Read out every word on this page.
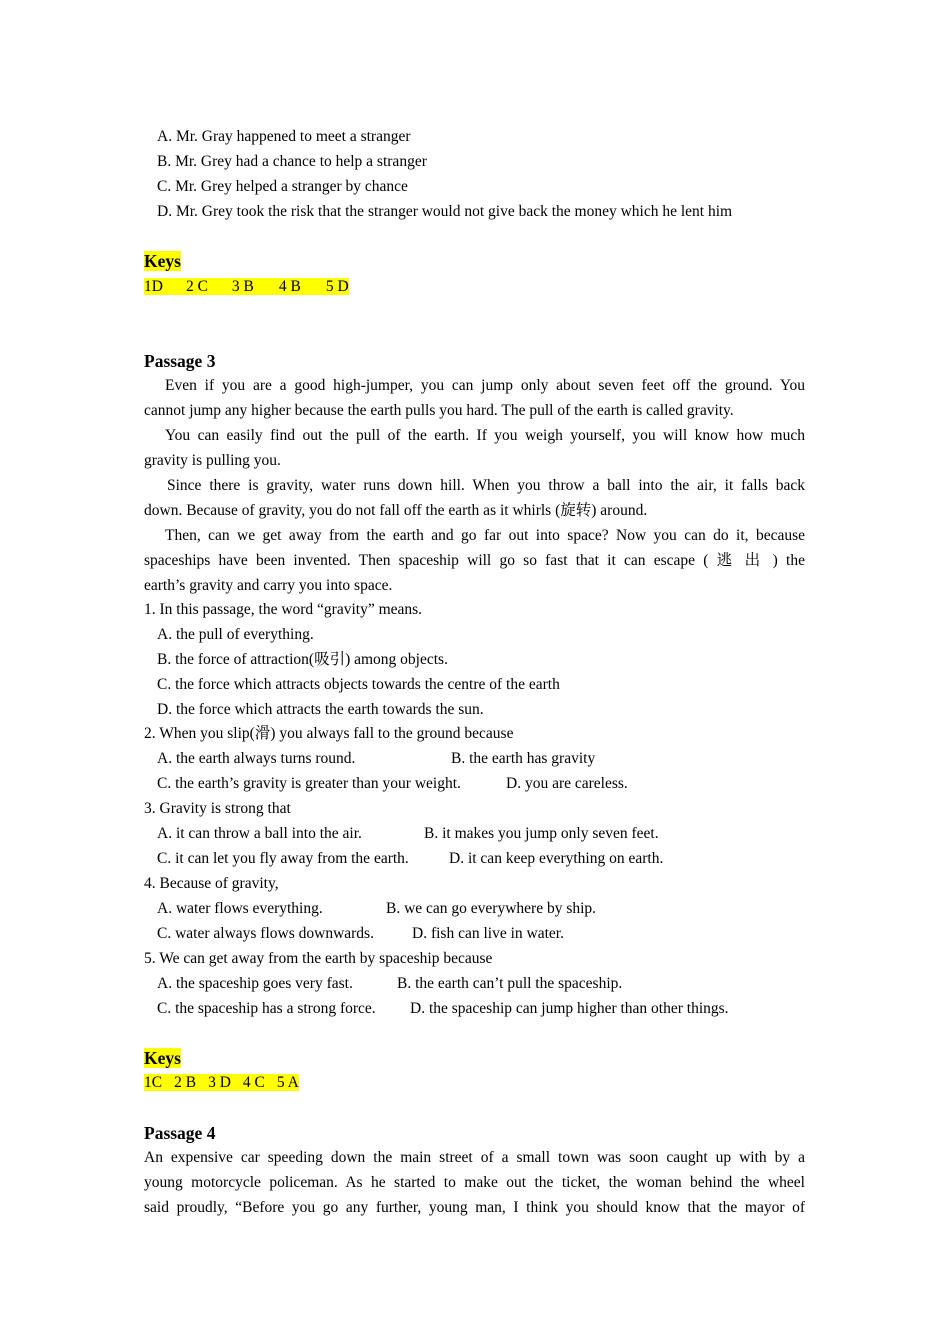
A. Mr. Gray happened to meet a stranger
B. Mr. Grey had a chance to help a stranger
C. Mr. Grey helped a stranger by chance
D. Mr. Grey took the risk that the stranger would not give back the money which he lent him
Keys
1D 2 C 3 B 4 B 5 D
Passage 3
Even if you are a good high-jumper, you can jump only about seven feet off the ground. You
cannot jump any higher because the earth pulls you hard. The pull of the earth is called gravity.
You can easily find out the pull of the earth. If you weigh yourself, you will know how much
gravity is pulling you.
Since there is gravity, water runs down hill. When you throw a ball into the air, it falls back
down. Because of gravity, you do not fall off the earth as it whirls (旋转) around.
Then, can we get away from the earth and go far out into space? Now you can do it, because
spaceships have been invented. Then spaceship will go so fast that it can escape ( 逃 出 ) the
earth’s gravity and carry you into space.
1. In this passage, the word “gravity” means.
A. the pull of everything.
B. the force of attraction(吸引) among objects.
C. the force which attracts objects towards the centre of the earth
D. the force which attracts the earth towards the sun.
2. When you slip(滑) you always fall to the ground because
A. the earth always turns round.	B. the earth has gravity
C. the earth’s gravity is greater than your weight.	D. you are careless.
3. Gravity is strong that
A. it can throw a ball into the air.	B. it makes you jump only seven feet.
C. it can let you fly away from the earth.	D. it can keep everything on earth.
4. Because of gravity,
A. water flows everything.	B. we can go everywhere by ship.
C. water always flows downwards. D. fish can live in water.
5. We can get away from the earth by spaceship because
A. the spaceship goes very fast.	B. the earth can’t pull the spaceship.
C. the spaceship has a strong force. D. the spaceship can jump higher than other things.
Keys
1C 2 B 3 D 4 C 5 A
Passage 4
An expensive car speeding down the main street of a small town was soon caught up with by a
young motorcycle policeman. As he started to make out the ticket, the woman behind the wheel
said proudly, “Before you go any further, young man, I think you should know that the mayor of
